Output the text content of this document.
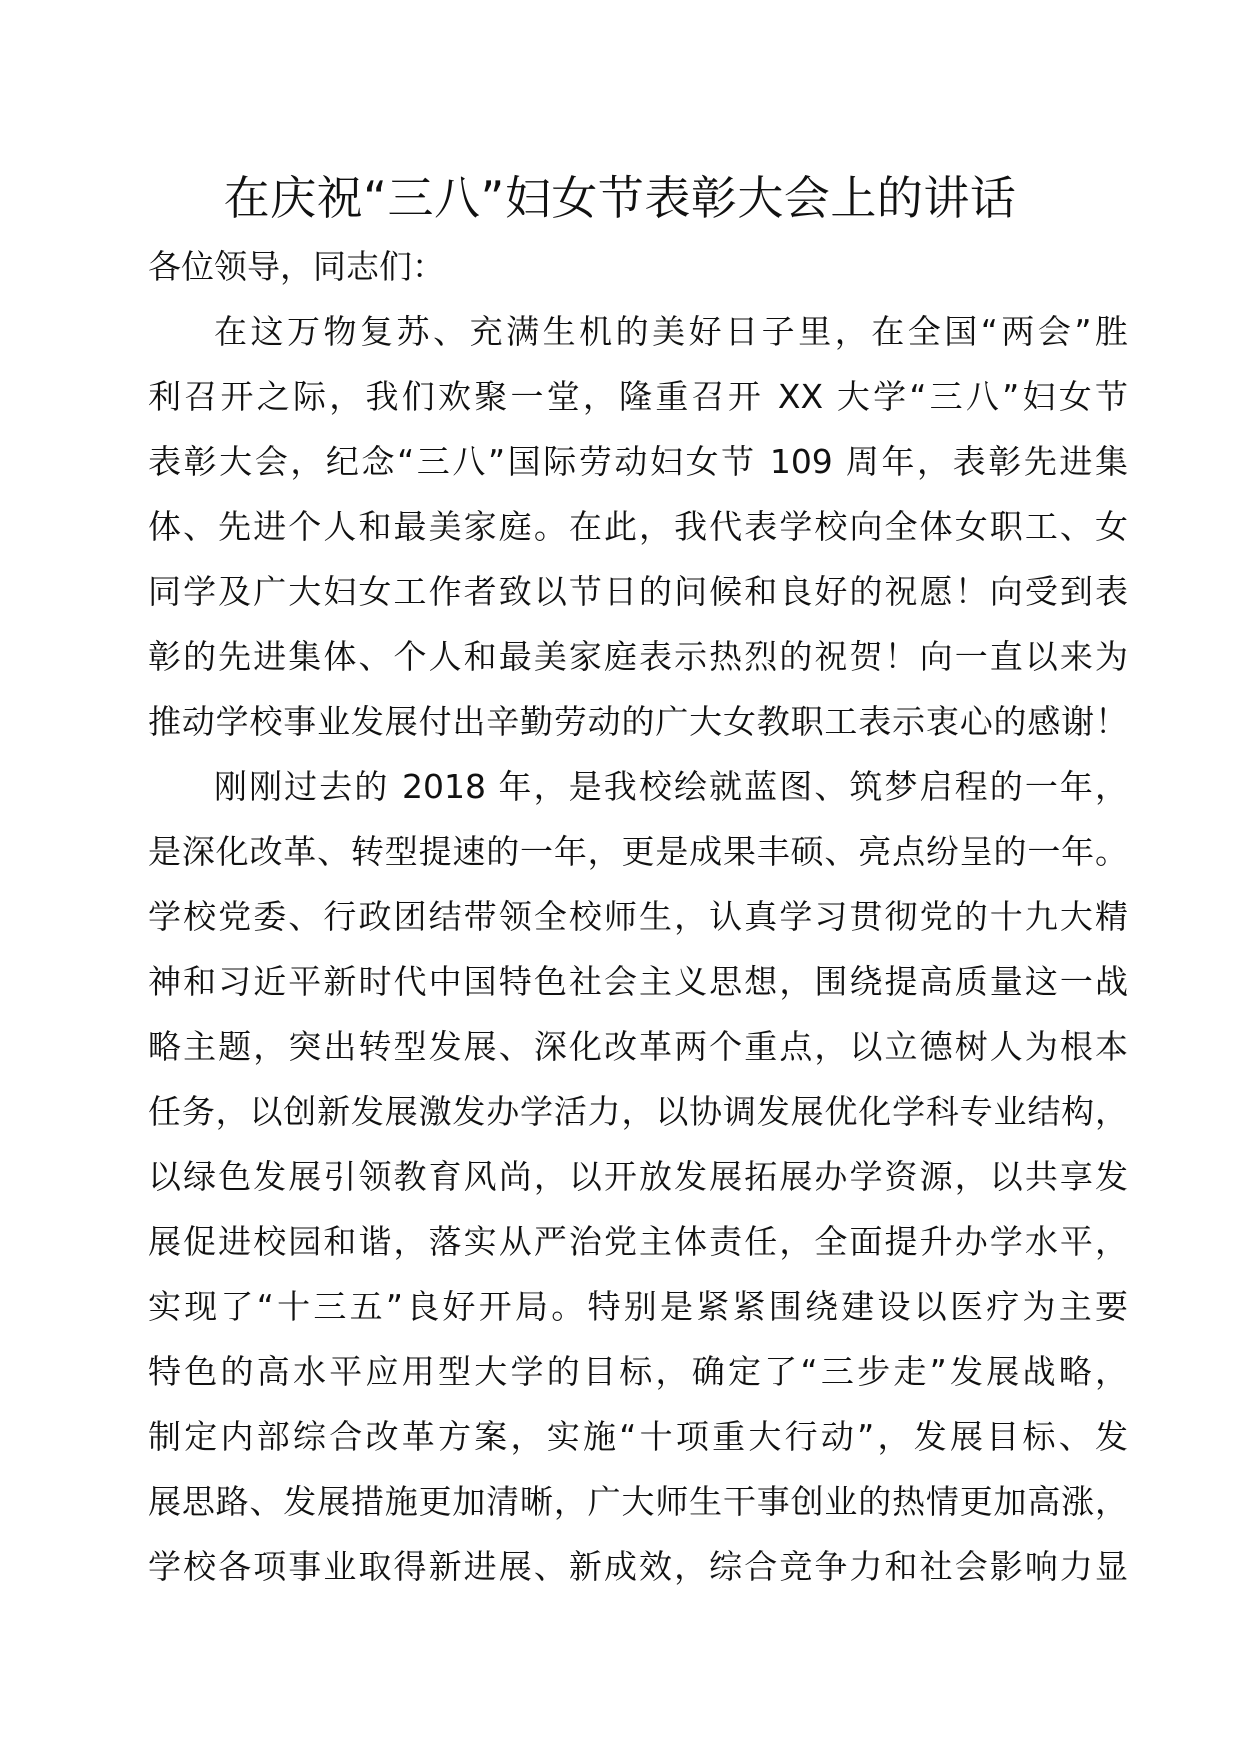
在庆祝“三八”妇女节表彰大会上的讲话
各位领导，同志们：
在这万物复苏、充满生机的美好日子里，在全国“两会”胜
利召开之际，我们欢聚一堂，隆重召开 XX 大学“三八”妇女节
表彰大会，纪念“三八”国际劳动妇女节 109 周年，表彰先进集
体、先进个人和最美家庭。在此，我代表学校向全体女职工、女
同学及广大妇女工作者致以节日的问候和良好的祝愿！向受到表
彰的先进集体、个人和最美家庭表示热烈的祝贺！向一直以来为
推动学校事业发展付出辛勤劳动的广大女教职工表示衷心的感谢！
刚刚过去的 2018 年，是我校绘就蓝图、筑梦启程的一年，
是深化改革、转型提速的一年，更是成果丰硕、亮点纷呈的一年。
学校党委、行政团结带领全校师生，认真学习贯彻党的十九大精
神和习近平新时代中国特色社会主义思想，围绕提高质量这一战
略主题，突出转型发展、深化改革两个重点，以立德树人为根本
任务，以创新发展激发办学活力，以协调发展优化学科专业结构，
以绿色发展引领教育风尚，以开放发展拓展办学资源，以共享发
展促进校园和谐，落实从严治党主体责任，全面提升办学水平，
实现了“十三五”良好开局。特别是紧紧围绕建设以医疗为主要
特色的高水平应用型大学的目标，确定了“三步走”发展战略，
制定内部综合改革方案，实施“十项重大行动”，发展目标、发
展思路、发展措施更加清晰，广大师生干事创业的热情更加高涨，
学校各项事业取得新进展、新成效，综合竞争力和社会影响力显
